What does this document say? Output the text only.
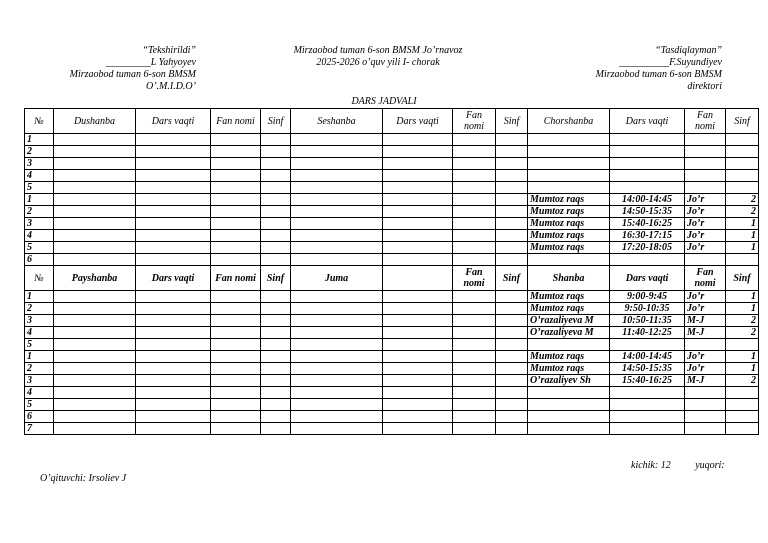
“Tekshirildi”
_________L Yahyoyev
Mirzaobod tuman 6-son BMSM
O’.M.I.D.O’
Mirzaobod tuman 6-son BMSM Jo’rnavoz
2025-2026 o’quv yili I- chorak
“Tasdiqlayman”
__________F.Suyundiyev
Mirzaobod tuman 6-son BMSM
direktori
DARS JADVALI
№	Dushanba	Dars vaqti	Fan nomi	Sinf	Seshanba	Dars vaqti	Fan nomi	Sinf	Chorshanba	Dars vaqti	Fan nomi	Sinf
1												
2												
3												
4												
5												
1									Mumtoz raqs	14:00-14:45	Jo’r	2
2									Mumtoz raqs	14:50-15:35	Jo’r	2
3									Mumtoz raqs	15:40-16:25	Jo’r	1
4									Mumtoz raqs	16:30-17:15	Jo’r	1
5									Mumtoz raqs	17:20-18:05	Jo’r	1
6												
№	Payshanba	Dars vaqti	Fan nomi	Sinf	Juma		Fan nomi	Sinf	Shanba	Dars vaqti	Fan nomi	Sinf
1									Mumtoz raqs	9:00-9:45	Jo’r	1
2									Mumtoz raqs	9:50-10:35	Jo’r	1
3									O’razaliyeva M	10:50-11:35	M-J	2
4									O’razaliyeva M	11:40-12:25	M-J	2
5												
1									Mumtoz raqs	14:00-14:45	Jo’r	1
2									Mumtoz raqs	14:50-15:35	Jo’r	1
3									O’razaliyev Sh	15:40-16:25	M-J	2
4												
5												
6												
7												
O’qituvchi: Irsoliev J
kichik: 12 yuqori:
